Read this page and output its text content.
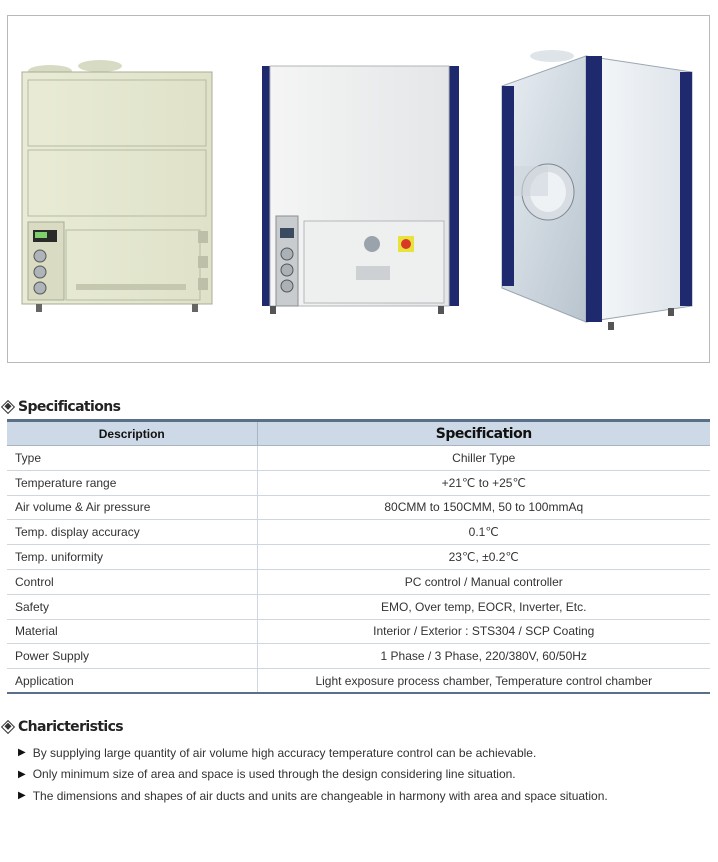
Specifications
Description	Specification
Type	Chiller Type
Temperature range	+21℃ to +25℃
Air volume & Air pressure	80CMM to 150CMM, 50 to 100mmAq
Temp. display accuracy	0.1℃
Temp. uniformity	23℃, ±0.2℃
Control	PC control / Manual controller
Safety	EMO, Over temp, EOCR, Inverter, Etc.
Material	Interior / Exterior : STS304 / SCP Coating
Power Supply	1 Phase / 3 Phase, 220/380V, 60/50Hz
Application	Light exposure process chamber, Temperature control chamber
Charicteristics
▶ By supplying large quantity of air volume high accuracy temperature control can be achievable.
▶ Only minimum size of area and space is used through the design considering line situation.
▶ The dimensions and shapes of air ducts and units are changeable in harmony with area and space situation.
